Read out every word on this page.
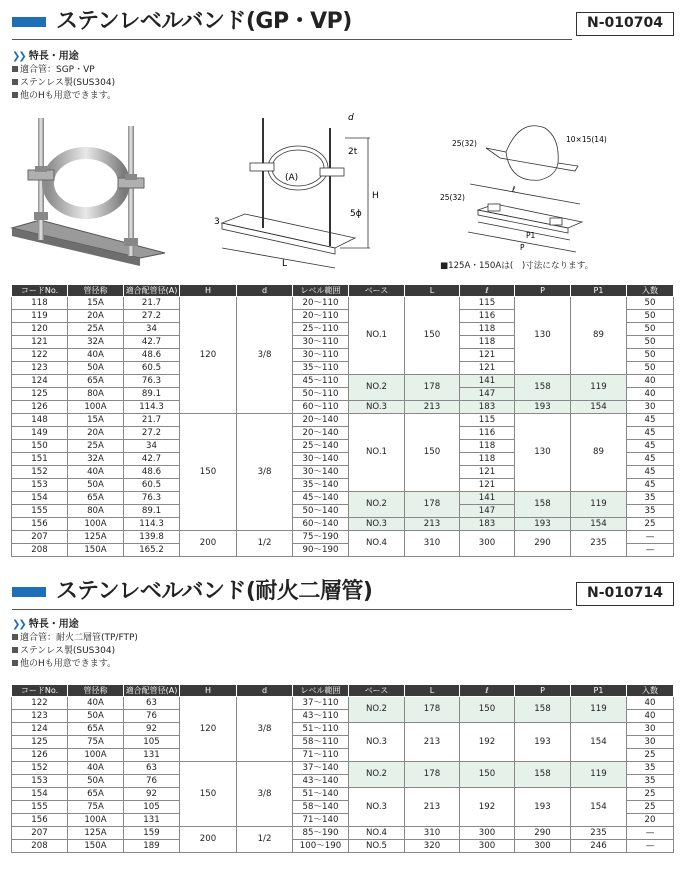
ステンレベルバンド(GP・VP)	N-010704
❯❯ 特長・用途
適合管：SGP・VP
ステンレス製(SUS304)
他のHも用意できます。
d
2t
(A)
H
5ϕ
3
L
25(32)	10×15(14)
ℓ
25(32)
P1
P
■125A・150Aは(　)寸法になります。
コードNo.	管径称	適合配管径(A)	H	d	レベル範囲	ベース	L	ℓ	P	P1	入数
118	15A	21.7	120	3/8	20～110	NO.1	150	115	130	89	50
119	20A	27.2			20～110			116			50
120	25A	34			25～110			118			50
121	32A	42.7			30～110			118			50
122	40A	48.6			30～110			121			50
123	50A	60.5			35～110			121			50
124	65A	76.3			45～110	NO.2	178	141	158	119	40
125	80A	89.1			50～110			147			40
126	100A	114.3			60～110	NO.3	213	183	193	154	30
148	15A	21.7	150	3/8	20～140	NO.1	150	115	130	89	45
149	20A	27.2			20～140			116			45
150	25A	34			25～140			118			45
151	32A	42.7			30～140			118			45
152	40A	48.6			30～140			121			45
153	50A	60.5			35～140			121			45
154	65A	76.3			45～140	NO.2	178	141	158	119	35
155	80A	89.1			50～140			147			35
156	100A	114.3			60～140	NO.3	213	183	193	154	25
207	125A	139.8	200	1/2	75～190	NO.4	310	300	290	235	—
208	150A	165.2			90～190						—
ステンレベルバンド(耐火二層管)	N-010714
❯❯ 特長・用途
適合管：耐火二層管(TP/FTP)
ステンレス製(SUS304)
他のHも用意できます。
コードNo.	管径称	適合配管径(A)	H	d	レベル範囲	ベース	L	ℓ	P	P1	入数
122	40A	63	120	3/8	37～110	NO.2	178	150	158	119	40
123	50A	76			43～110						40
124	65A	92			51～110	NO.3	213	192	193	154	30
125	75A	105			58～110						30
126	100A	131			71～110						25
152	40A	63	150	3/8	37～140	NO.2	178	150	158	119	35
153	50A	76			43～140						35
154	65A	92			51～140	NO.3	213	192	193	154	25
155	75A	105			58～140						25
156	100A	131			71～140						20
207	125A	159	200	1/2	85～190	NO.4	310	300	290	235	—
208	150A	189			100～190	NO.5	320	300	300	246	—
